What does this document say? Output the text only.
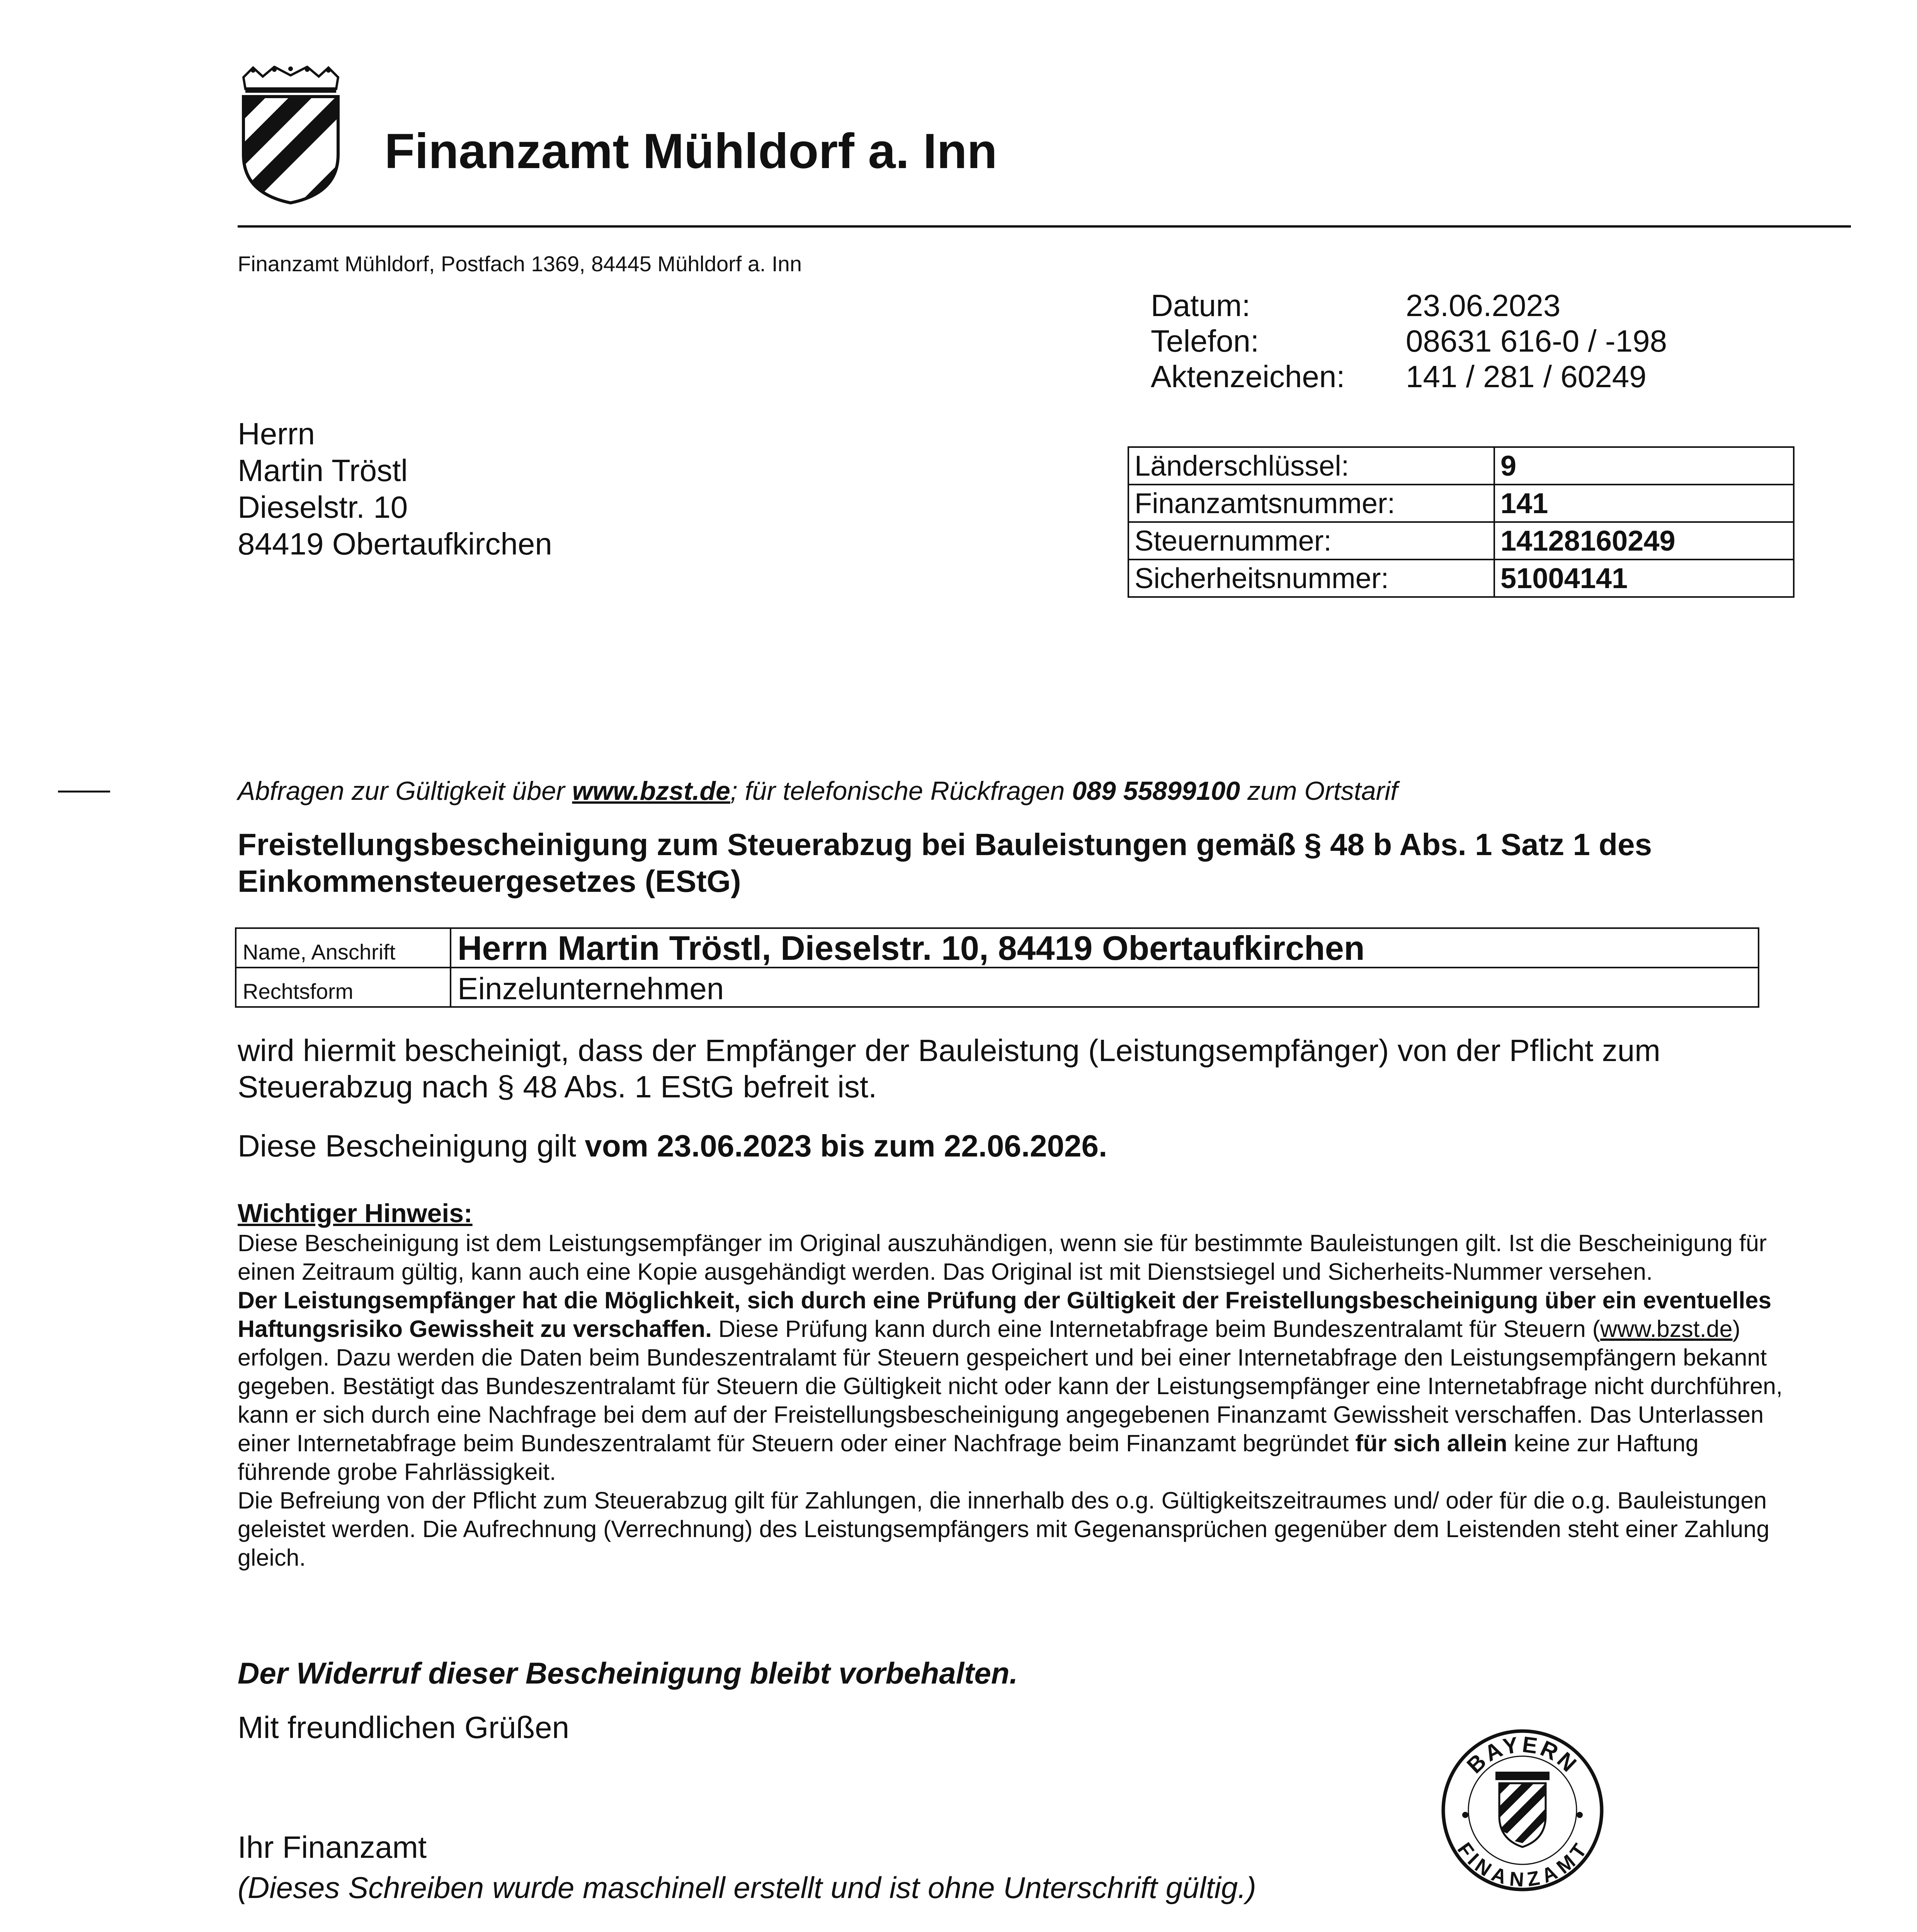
Finanzamt Mühldorf a. Inn
Finanzamt Mühldorf, Postfach 1369, 84445 Mühldorf a. Inn
Datum:	23.06.2023
Telefon:	08631 616-0 / -198
Aktenzeichen:	141 / 281 / 60249
Herrn
Martin Tröstl
Dieselstr. 10
84419 Obertaufkirchen
Länderschlüssel:	9
Finanzamtsnummer:	141
Steuernummer:	14128160249
Sicherheitsnummer:	51004141
Abfragen zur Gültigkeit über www.bzst.de; für telefonische Rückfragen 089 55899100 zum Ortstarif
Freistellungsbescheinigung zum Steuerabzug bei Bauleistungen gemäß § 48 b Abs. 1 Satz 1 des Einkommensteuergesetzes (EStG)
Name, Anschrift	Herrn Martin Tröstl, Dieselstr. 10, 84419 Obertaufkirchen
Rechtsform	Einzelunternehmen
wird hiermit bescheinigt, dass der Empfänger der Bauleistung (Leistungsempfänger) von der Pflicht zum Steuerabzug nach § 48 Abs. 1 EStG befreit ist.
Diese Bescheinigung gilt vom 23.06.2023 bis zum 22.06.2026.
Wichtiger Hinweis:
Diese Bescheinigung ist dem Leistungsempfänger im Original auszuhändigen, wenn sie für bestimmte Bauleistungen gilt. Ist die Bescheinigung für einen Zeitraum gültig, kann auch eine Kopie ausgehändigt werden. Das Original ist mit Dienstsiegel und Sicherheits-Nummer versehen.
Der Leistungsempfänger hat die Möglichkeit, sich durch eine Prüfung der Gültigkeit der Freistellungsbescheinigung über ein eventuelles Haftungsrisiko Gewissheit zu verschaffen. Diese Prüfung kann durch eine Internetabfrage beim Bundeszentralamt für Steuern (www.bzst.de) erfolgen. Dazu werden die Daten beim Bundeszentralamt für Steuern gespeichert und bei einer Internetabfrage den Leistungsempfängern bekannt gegeben. Bestätigt das Bundeszentralamt für Steuern die Gültigkeit nicht oder kann der Leistungsempfänger eine Internetabfrage nicht durchführen, kann er sich durch eine Nachfrage bei dem auf der Freistellungsbescheinigung angegebenen Finanzamt Gewissheit verschaffen. Das Unterlassen einer Internetabfrage beim Bundeszentralamt für Steuern oder einer Nachfrage beim Finanzamt begründet für sich allein keine zur Haftung führende grobe Fahrlässigkeit.
Die Befreiung von der Pflicht zum Steuerabzug gilt für Zahlungen, die innerhalb des o.g. Gültigkeitszeitraumes und/ oder für die o.g. Bauleistungen geleistet werden. Die Aufrechnung (Verrechnung) des Leistungsempfängers mit Gegenansprüchen gegenüber dem Leistenden steht einer Zahlung gleich.
Der Widerruf dieser Bescheinigung bleibt vorbehalten.
Mit freundlichen Grüßen
BAYERN
FINANZAMT
Ihr Finanzamt
(Dieses Schreiben wurde maschinell erstellt und ist ohne Unterschrift gültig.)
